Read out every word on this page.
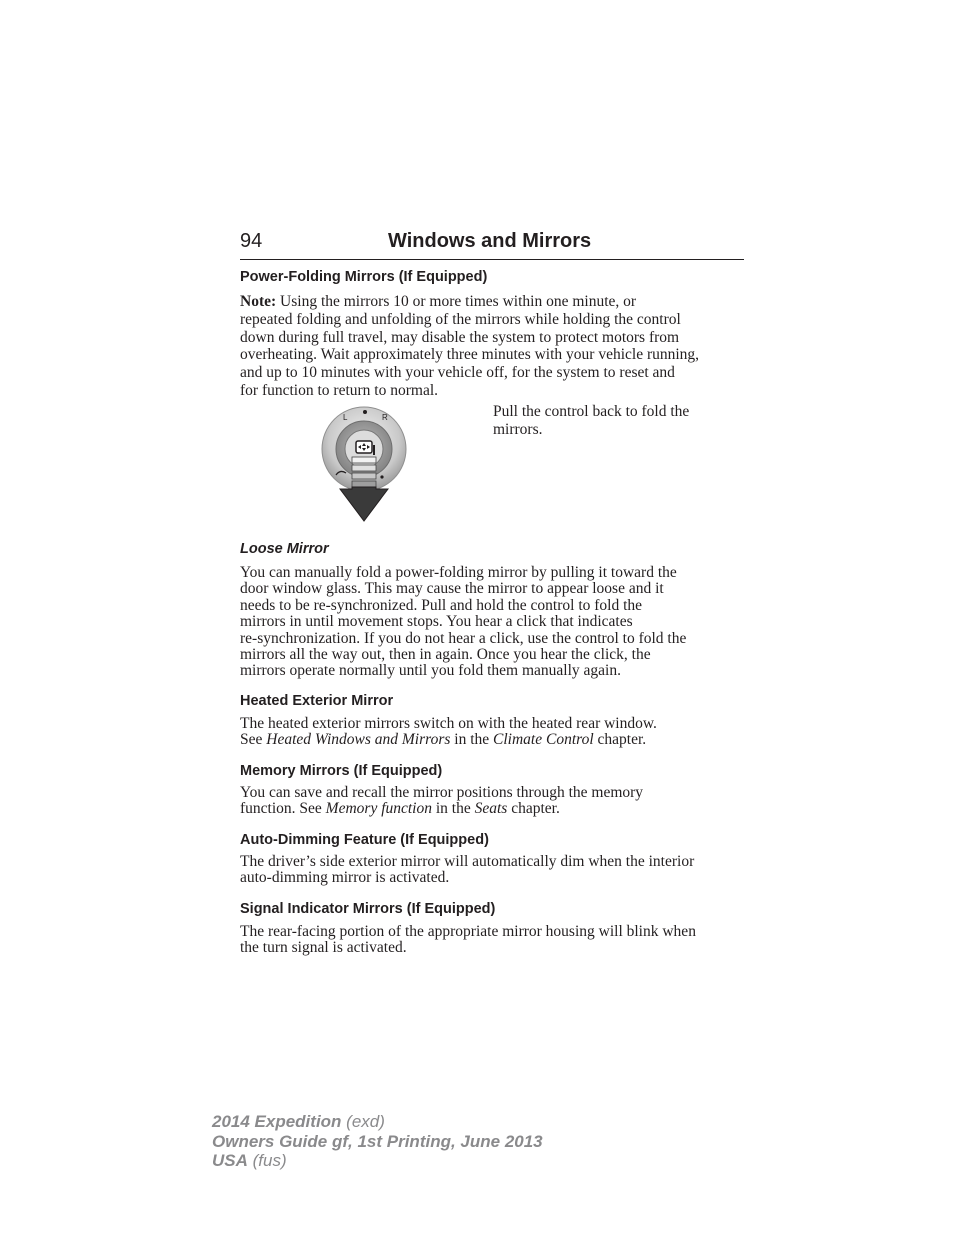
94	Windows and Mirrors
Power-Folding Mirrors (If Equipped)
Note: Using the mirrors 10 or more times within one minute, or
repeated folding and unfolding of the mirrors while holding the control
down during full travel, may disable the system to protect motors from
overheating. Wait approximately three minutes with your vehicle running,
and up to 10 minutes with your vehicle off, for the system to reset and
for function to return to normal.
L	R	Pull the control back to fold the
mirrors.
Loose Mirror
You can manually fold a power-folding mirror by pulling it toward the
door window glass. This may cause the mirror to appear loose and it
needs to be re-synchronized. Pull and hold the control to fold the
mirrors in until movement stops. You hear a click that indicates
re-synchronization. If you do not hear a click, use the control to fold the
mirrors all the way out, then in again. Once you hear the click, the
mirrors operate normally until you fold them manually again.
Heated Exterior Mirror
The heated exterior mirrors switch on with the heated rear window.
See Heated Windows and Mirrors in the Climate Control chapter.
Memory Mirrors (If Equipped)
You can save and recall the mirror positions through the memory
function. See Memory function in the Seats chapter.
Auto-Dimming Feature (If Equipped)
The driver’s side exterior mirror will automatically dim when the interior
auto-dimming mirror is activated.
Signal Indicator Mirrors (If Equipped)
The rear-facing portion of the appropriate mirror housing will blink when
the turn signal is activated.
2014 Expedition (exd)
Owners Guide gf, 1st Printing, June 2013
USA (fus)
